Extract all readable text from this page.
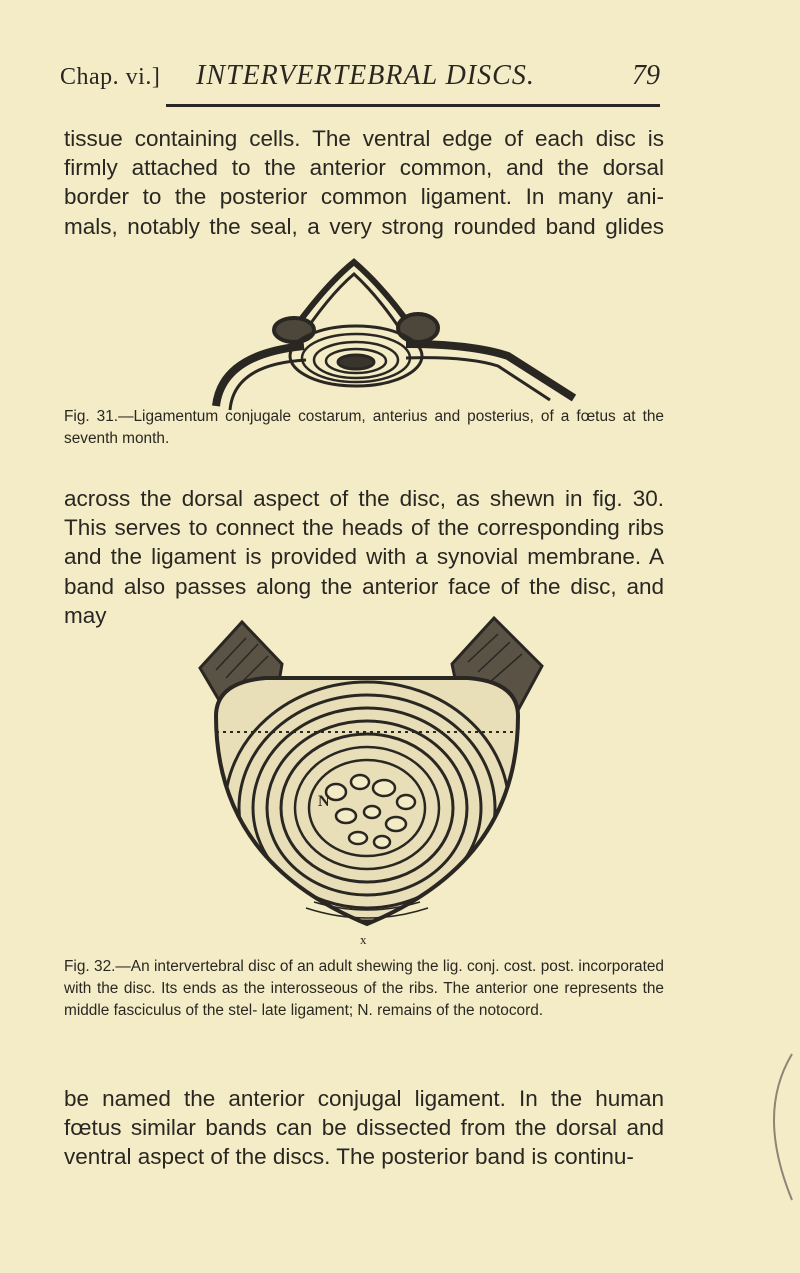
Chap. vi.] INTERVERTEBRAL DISCS.	79

tissue containing cells. The ventral edge of each disc is firmly attached to the anterior common, and the dorsal border to the posterior common ligament. In many ani- mals, notably the seal, a very strong rounded band glides

Fig. 31.—Ligamentum conjugale costarum, anterius and posterius, of a fœtus at the seventh month.

across the dorsal aspect of the disc, as shewn in fig. 30. This serves to connect the heads of the corresponding ribs and the ligament is provided with a synovial membrane. A band also passes along the anterior face of the disc, and may

N
x

Fig. 32.—An intervertebral disc of an adult shewing the lig. conj. cost. post. incorporated with the disc. Its ends as the interosseous of the ribs. The anterior one represents the middle fasciculus of the stel- late ligament; N. remains of the notocord.

be named the anterior conjugal ligament. In the human fœtus similar bands can be dissected from the dorsal and ventral aspect of the discs. The posterior band is continu-
